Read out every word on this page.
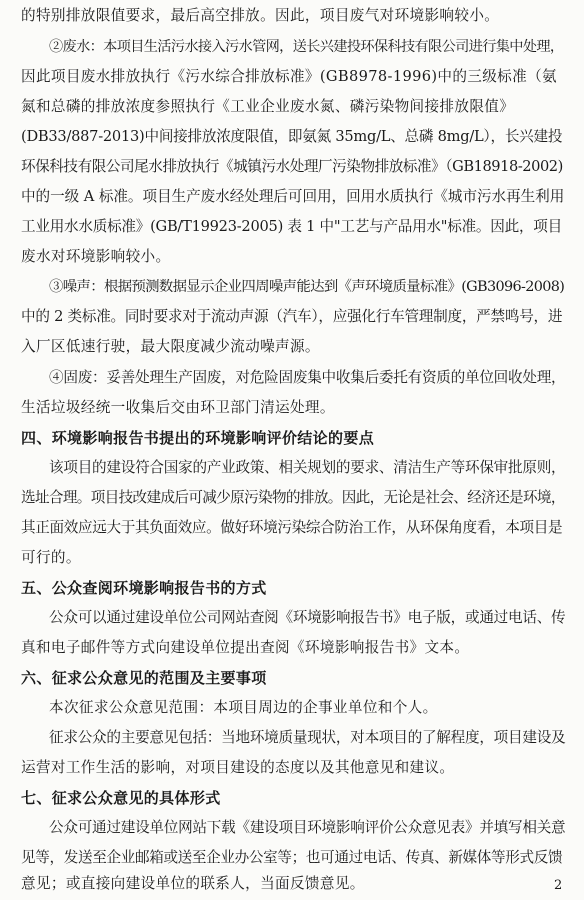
的特别排放限值要求，最后高空排放。因此，项目废气对环境影响较小。
②废水：本项目生活污水接入污水管网，送长兴建投环保科技有限公司进行集中处理，
因此项目废水排放执行《污水综合排放标准》(GB8978-1996)中的三级标准（氨
氮和总磷的排放浓度参照执行《工业企业废水氮、磷污染物间接排放限值》
(DB33/887-2013)中间接排放浓度限值，即氨氮 35mg/L、总磷 8mg/L），长兴建投
环保科技有限公司尾水排放执行《城镇污水处理厂污染物排放标准》（GB18918-2002)
中的一级 A 标准。项目生产废水经处理后可回用，回用水质执行《城市污水再生利用
工业用水水质标准》(GB/T19923-2005) 表 1 中"工艺与产品用水"标准。因此，项目
废水对环境影响较小。
③噪声：根据预测数据显示企业四周噪声能达到《声环境质量标准》(GB3096-2008)
中的 2 类标准。同时要求对于流动声源（汽车），应强化行车管理制度，严禁鸣号，进
入厂区低速行驶，最大限度减少流动噪声源。
④固废：妥善处理生产固废，对危险固废集中收集后委托有资质的单位回收处理，
生活垃圾经统一收集后交由环卫部门清运处理。
四、环境影响报告书提出的环境影响评价结论的要点
该项目的建设符合国家的产业政策、相关规划的要求、清洁生产等环保审批原则，
选址合理。项目技改建成后可减少原污染物的排放。因此，无论是社会、经济还是环境，
其正面效应远大于其负面效应。做好环境污染综合防治工作，从环保角度看，本项目是
可行的。
五、公众查阅环境影响报告书的方式
公众可以通过建设单位公司网站查阅《环境影响报告书》电子版，或通过电话、传
真和电子邮件等方式向建设单位提出查阅《环境影响报告书》文本。
六、征求公众意见的范围及主要事项
本次征求公众意见范围：本项目周边的企事业单位和个人。
征求公众的主要意见包括：当地环境质量现状，对本项目的了解程度，项目建设及
运营对工作生活的影响，对项目建设的态度以及其他意见和建议。
七、征求公众意见的具体形式
公众可通过建设单位网站下载《建设项目环境影响评价公众意见表》并填写相关意
见等，发送至企业邮箱或送至企业办公室等；也可通过电话、传真、新媒体等形式反馈
意见；或直接向建设单位的联系人，当面反馈意见。	2
